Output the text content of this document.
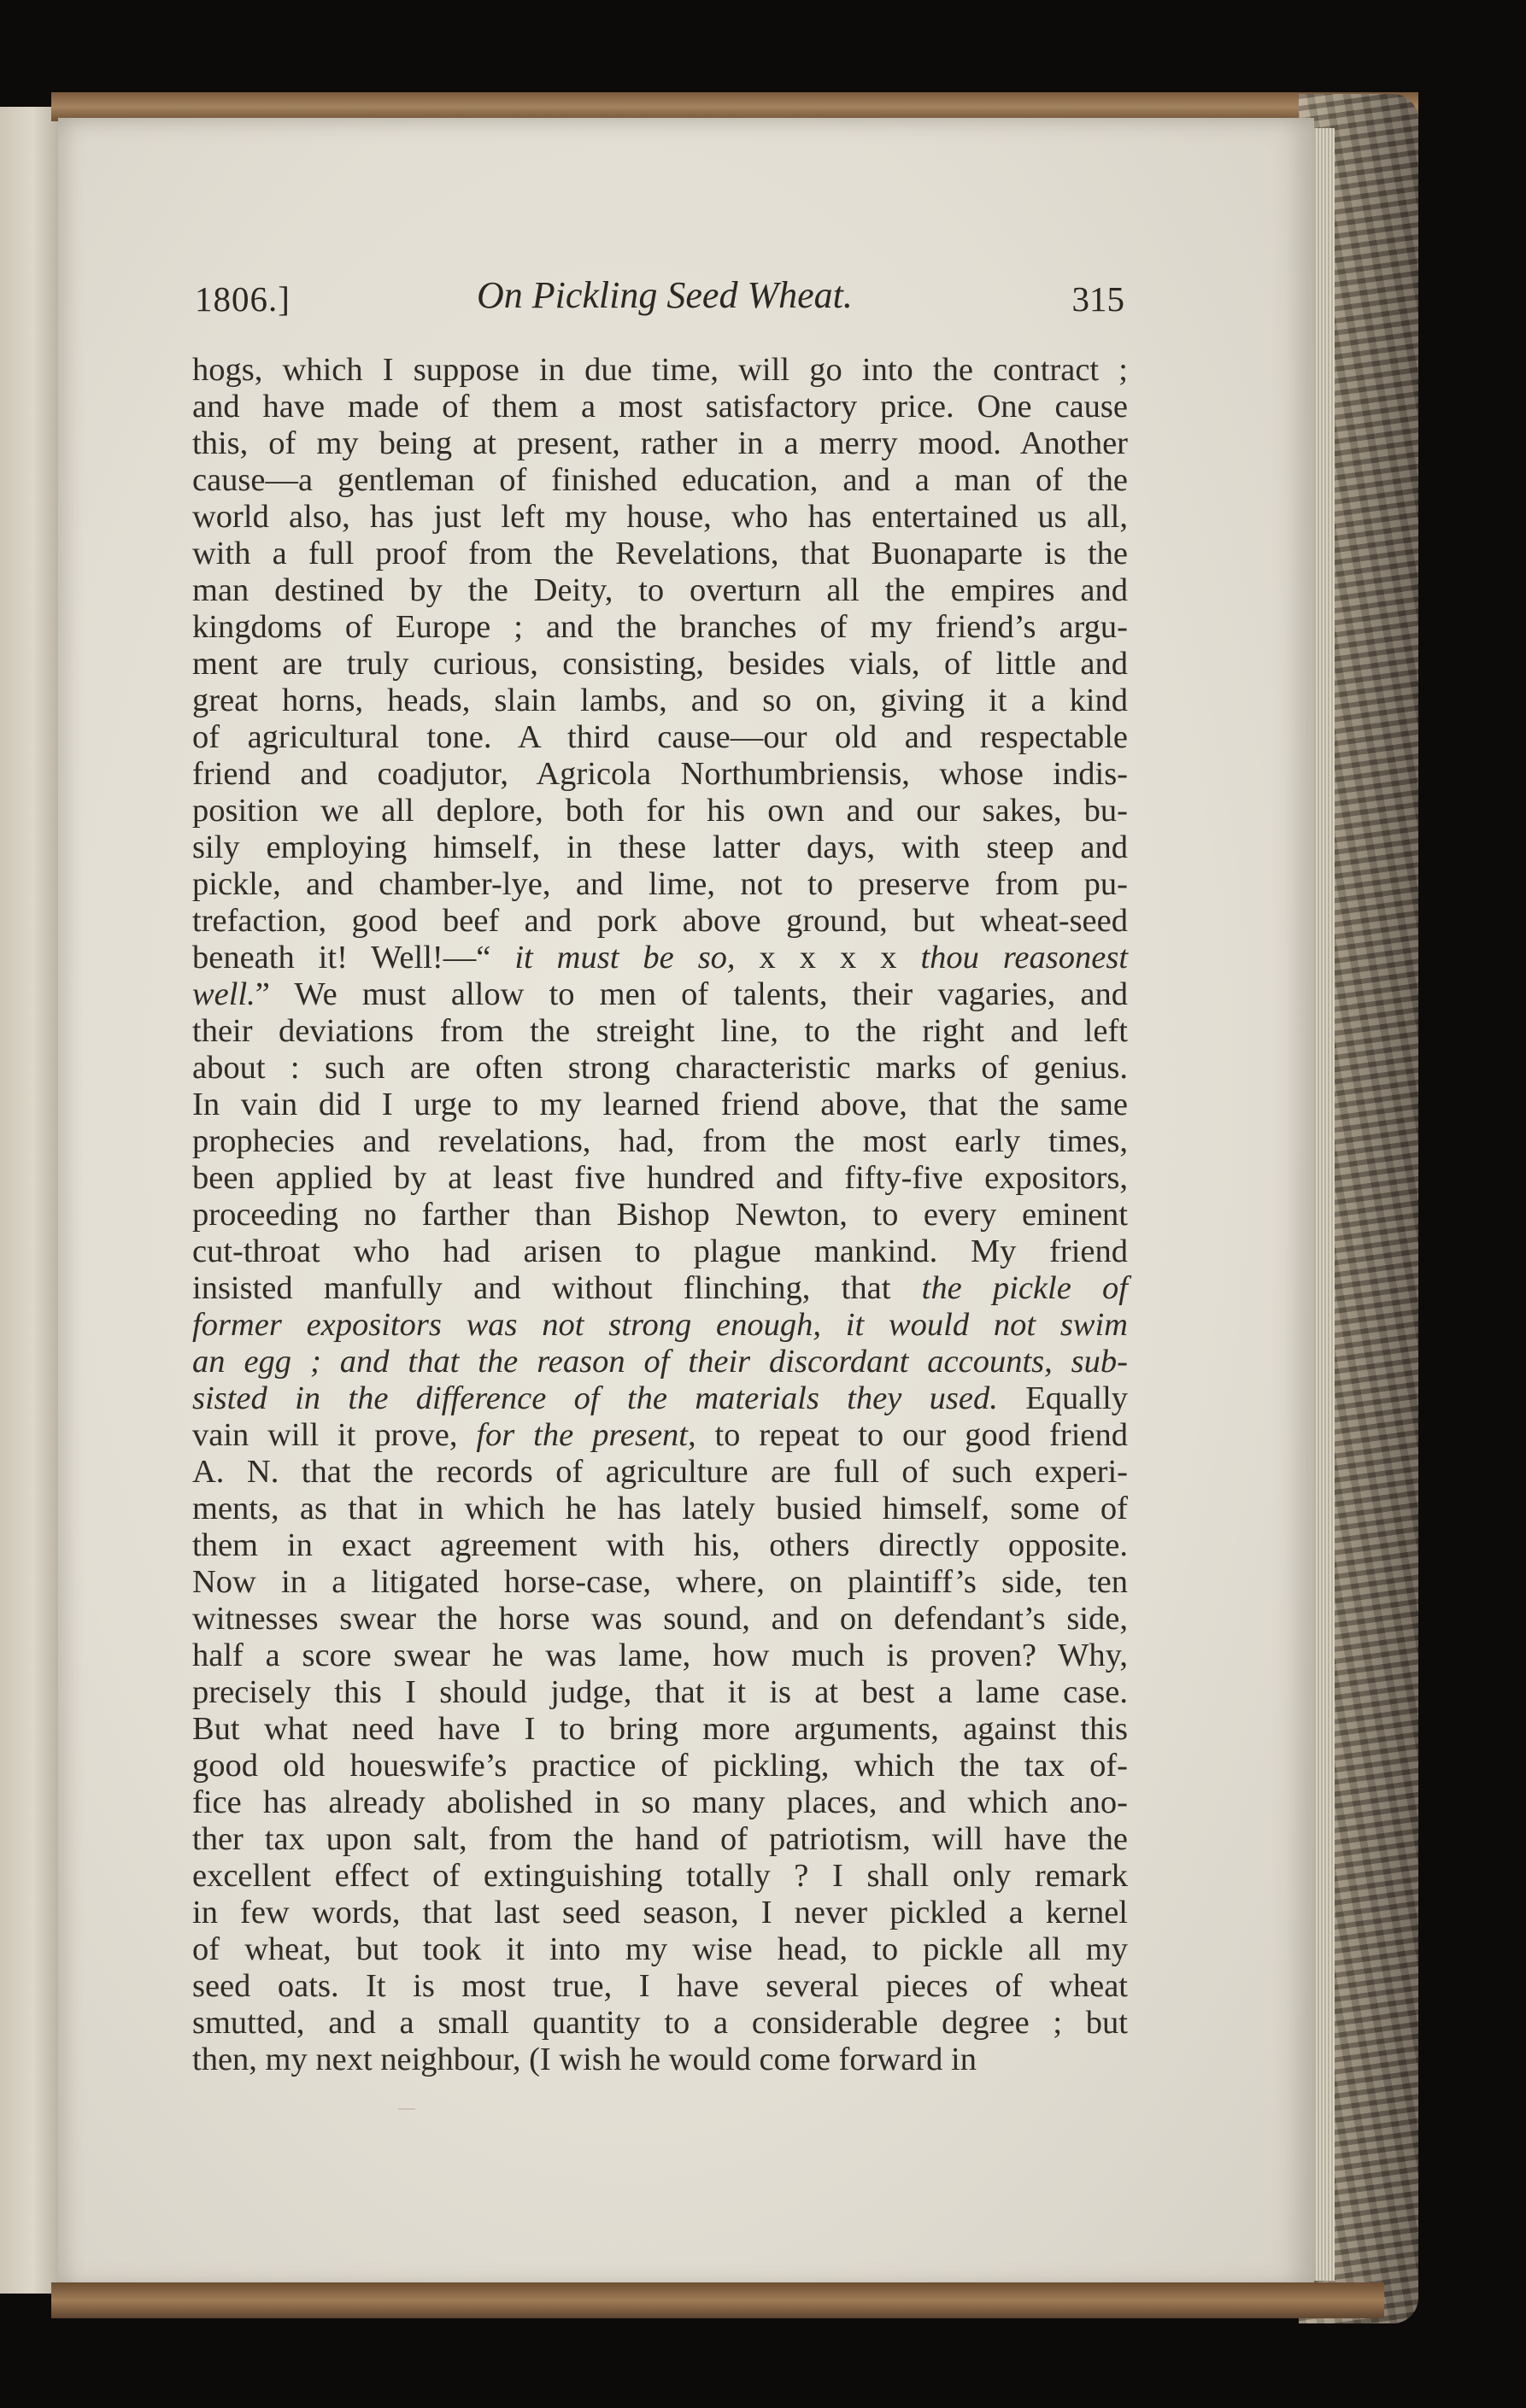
1806.]	On Pickling Seed Wheat.	315
hogs, which I suppose in due time, will go into the contract ;
and have made of them a most satisfactory price. One cause
this, of my being at present, rather in a merry mood. Another
cause—a gentleman of finished education, and a man of the
world also, has just left my house, who has entertained us all,
with a full proof from the Revelations, that Buonaparte is the
man destined by the Deity, to overturn all the empires and
kingdoms of Europe ; and the branches of my friend’s argu-
ment are truly curious, consisting, besides vials, of little and
great horns, heads, slain lambs, and so on, giving it a kind
of agricultural tone. A third cause—our old and respectable
friend and coadjutor, Agricola Northumbriensis, whose indis-
position we all deplore, both for his own and our sakes, bu-
sily employing himself, in these latter days, with steep and
pickle, and chamber-lye, and lime, not to preserve from pu-
trefaction, good beef and pork above ground, but wheat-seed
beneath it! Well!—“ it must be so, x x x x thou reasonest
well.” We must allow to men of talents, their vagaries, and
their deviations from the streight line, to the right and left
about : such are often strong characteristic marks of genius.
In vain did I urge to my learned friend above, that the same
prophecies and revelations, had, from the most early times,
been applied by at least five hundred and fifty-five expositors,
proceeding no farther than Bishop Newton, to every eminent
cut-throat who had arisen to plague mankind. My friend
insisted manfully and without flinching, that the pickle of
former expositors was not strong enough, it would not swim
an egg ; and that the reason of their discordant accounts, sub-
sisted in the difference of the materials they used. Equally
vain will it prove, for the present, to repeat to our good friend
A. N. that the records of agriculture are full of such experi-
ments, as that in which he has lately busied himself, some of
them in exact agreement with his, others directly opposite.
Now in a litigated horse-case, where, on plaintiff’s side, ten
witnesses swear the horse was sound, and on defendant’s side,
half a score swear he was lame, how much is proven? Why,
precisely this I should judge, that it is at best a lame case.
But what need have I to bring more arguments, against this
good old houeswife’s practice of pickling, which the tax of-
fice has already abolished in so many places, and which ano-
ther tax upon salt, from the hand of patriotism, will have the
excellent effect of extinguishing totally ? I shall only remark
in few words, that last seed season, I never pickled a kernel
of wheat, but took it into my wise head, to pickle all my
seed oats. It is most true, I have several pieces of wheat
smutted, and a small quantity to a considerable degree ; but
then, my next neighbour, (I wish he would come forward in
